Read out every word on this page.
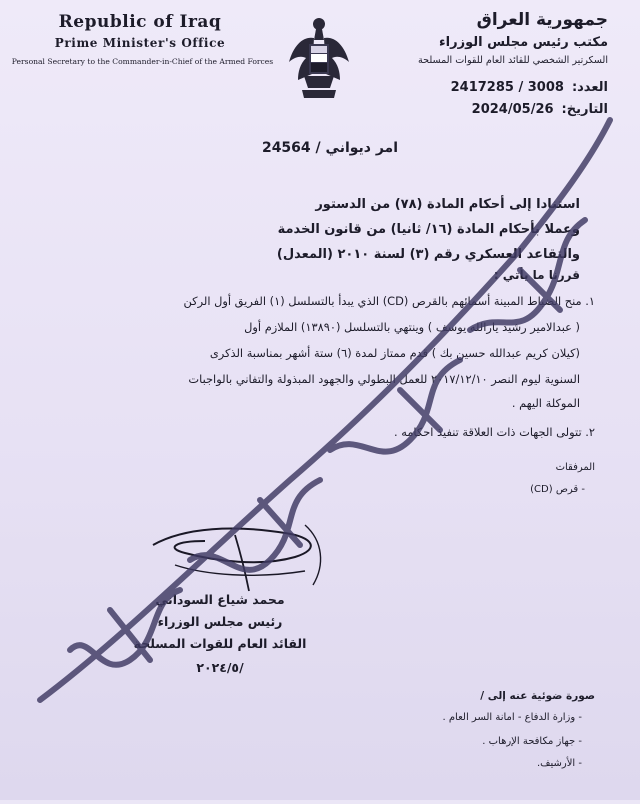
Republic of Iraq
Prime Minister's Office
Personal Secretary to the Commander-in-Chief of the Armed Forces
جمهورية العراق
مكتب رئيس مجلس الوزراء
السكرتير الشخصي للقائد العام للقوات المسلحة
العدد:2417285 / 3008
التاريخ:2024/05/26
امر ديواني / 24564
استنادا إلى أحكام المادة (٧٨) من الدستور
وعملا بأحكام المادة (١٦/ ثانيا) من قانون الخدمة
والتقاعد العسكري رقم (٣) لسنة ٢٠١٠ (المعدل)
قررنا ما يأتي :
١. منح الضباط المبينة أسمائهم بالقرص (CD) الذي يبدأ بالتسلسل (١) الفريق أول الركن
( عبدالامير رشيد يارالله يوسف ) وينتهي بالتسلسل (١٣٨٩٠) الملازم أول
(كيلان كريم عبدالله حسين بك ) قدم ممتاز لمدة (٦) ستة أشهر بمناسبة الذكرى
السنوية ليوم النصر ٢٠١٧/١٢/١٠ للعمل البطولي والجهود المبذولة والتفاني بالواجبات
الموكلة اليهم .
٢. تتولى الجهات ذات العلاقة تنفيذ احكامه .
المرفقات
- قرص (CD)
محمد شياع السوداني
رئيس مجلس الوزراء
القائد العام للقوات المسلحة
٢٠٢٤/٥/
صورة ضوئية عنه إلى /
- وزارة الدفاع - امانة السر العام .
- جهاز مكافحة الإرهاب .
- الأرشيف.
